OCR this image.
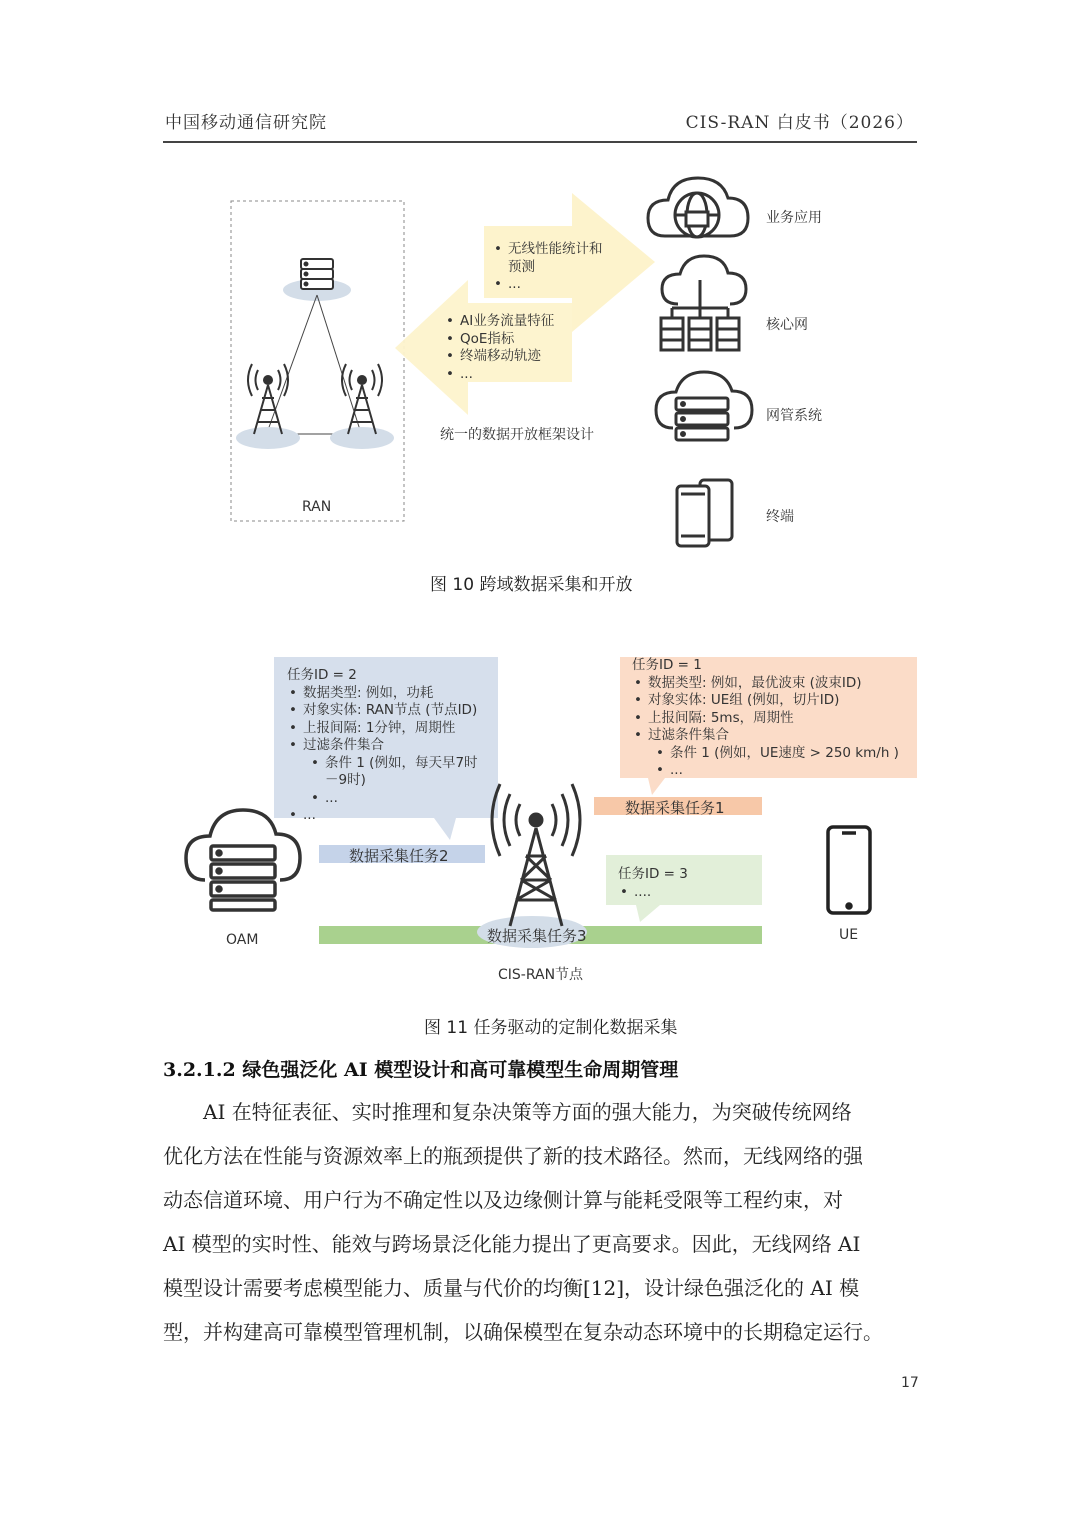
中国移动通信研究院	CIS-RAN 白皮书（2026）
RAN
• 无线性能统计和
预测
• ...
• AI业务流量特征
• QoE指标
• 终端移动轨迹
• ...
统一的数据开放框架设计
业务应用
核心网
网管系统
终端
图 10 跨域数据采集和开放
任务ID = 2
• 数据类型: 例如，功耗
• 对象实体: RAN节点 (节点ID)
• 上报间隔: 1分钟，周期性
• 过滤条件集合
• 条件 1 (例如，每天早7时
－9时)
• ...
• ...
任务ID = 1
• 数据类型: 例如，最优波束 (波束ID)
• 对象实体: UE组 (例如，切片ID)
• 上报间隔: 5ms，周期性
• 过滤条件集合
• 条件 1 (例如，UE速度 > 250 km/h )
• ...
任务ID = 3
• ....
数据采集任务1
数据采集任务2
数据采集任务3
OAM	UE
CIS-RAN节点
图 11 任务驱动的定制化数据采集
3.2.1.2 绿色强泛化 AI 模型设计和高可靠模型生命周期管理

AI 在特征表征、实时推理和复杂决策等方面的强大能力，为突破传统网络

优化方法在性能与资源效率上的瓶颈提供了新的技术路径。然而，无线网络的强

动态信道环境、用户行为不确定性以及边缘侧计算与能耗受限等工程约束，对

AI 模型的实时性、能效与跨场景泛化能力提出了更高要求。因此，无线网络 AI

模型设计需要考虑模型能力、质量与代价的均衡[12]，设计绿色强泛化的 AI 模

型，并构建高可靠模型管理机制，以确保模型在复杂动态环境中的长期稳定运行。

17
